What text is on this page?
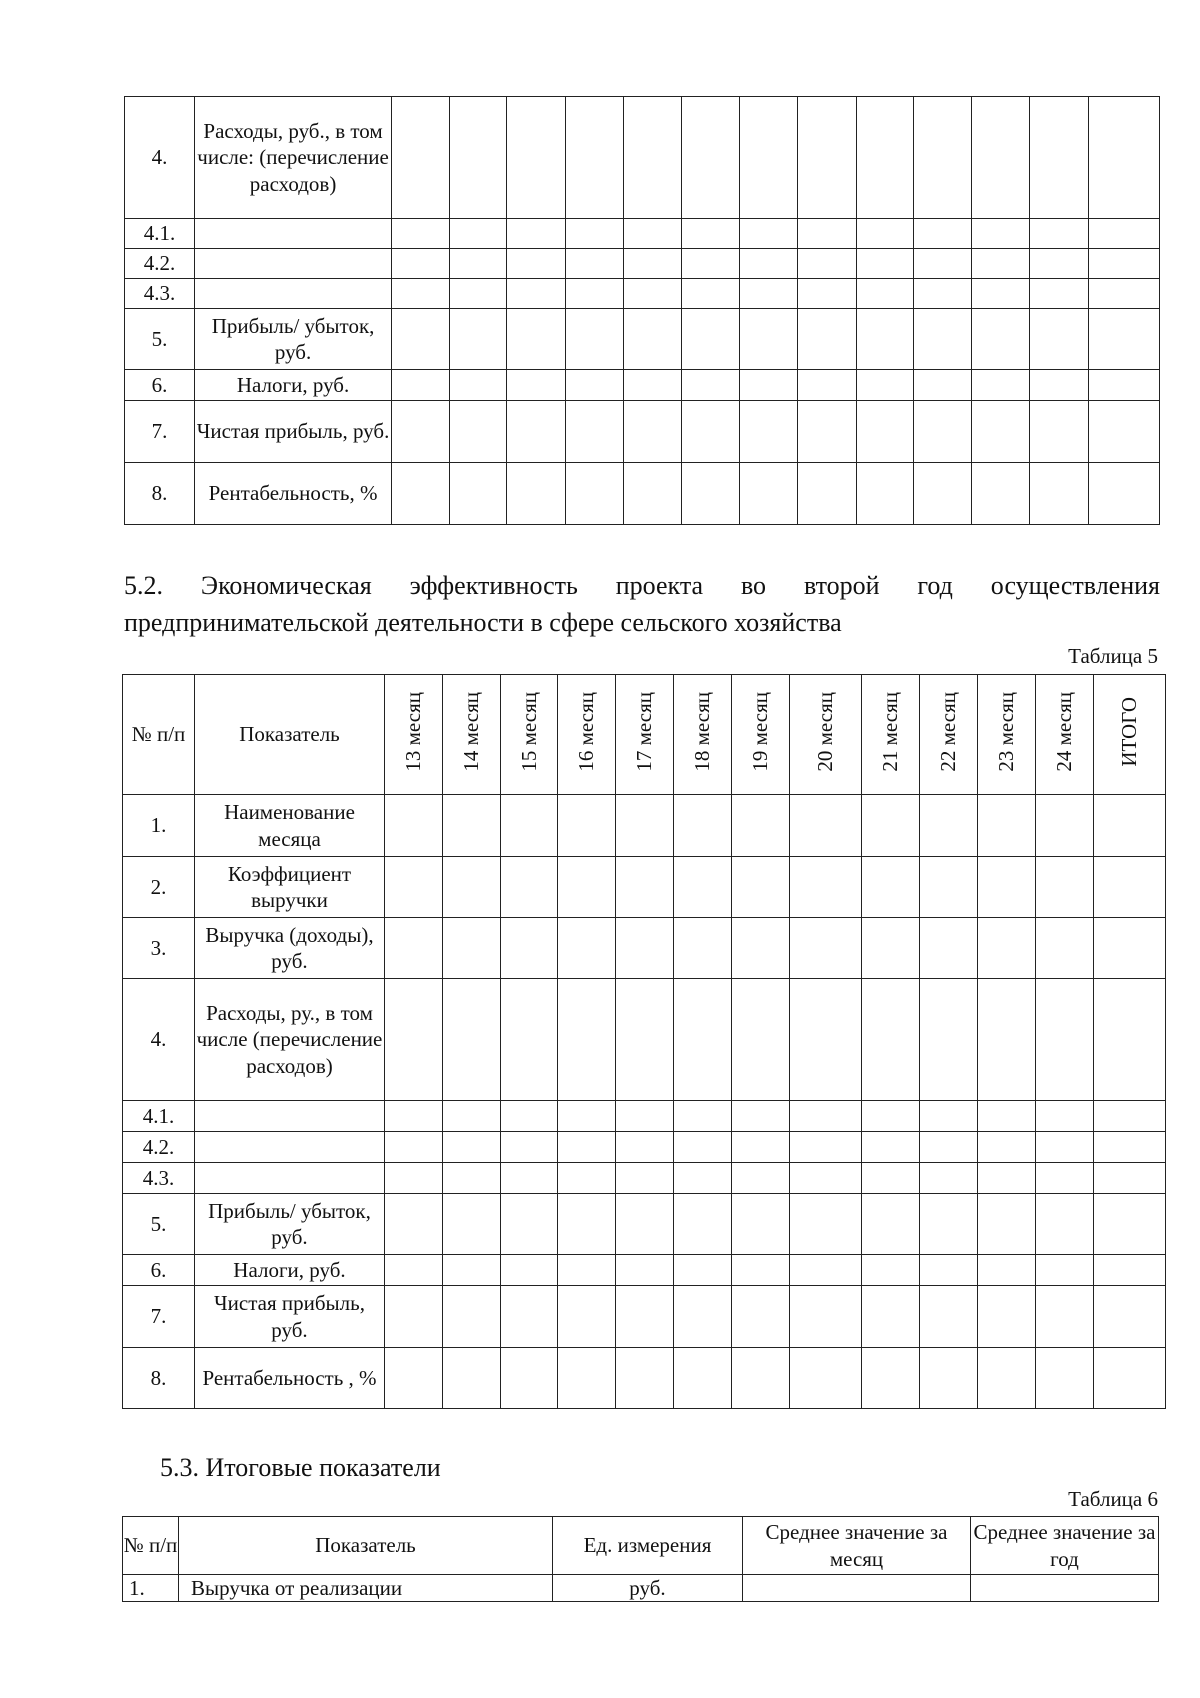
4.	Расходы, руб., в том числе: (перечисление расходов)													
4.1.														
4.2.														
4.3.														
5.	Прибыль/ убыток, руб.													
6.	Налоги, руб.													
7.	Чистая прибыль, руб.													
8.	Рентабельность, %													
5.2. Экономическая эффективность проекта во второй год осуществления
предпринимательской деятельности в сфере сельского хозяйства
Таблица 5
№ п/п	Показатель	13 месяц	14 месяц	15 месяц	16 месяц	17 месяц	18 месяц	19 месяц	20 месяц	21 месяц	22 месяц	23 месяц	24 месяц	ИТОГО
1.	Наименование месяца													
2.	Коэффициент выручки													
3.	Выручка (доходы), руб.													
4.	Расходы, ру., в том числе (перечисление расходов)													
4.1.														
4.2.														
4.3.														
5.	Прибыль/ убыток, руб.													
6.	Налоги, руб.													
7.	Чистая прибыль, руб.													
8.	Рентабельность , %													
5.3. Итоговые показатели
Таблица 6
№ п/п	Показатель	Ед. измерения	Среднее значение за месяц	Среднее значение за год
1.	Выручка от реализации	руб.		
